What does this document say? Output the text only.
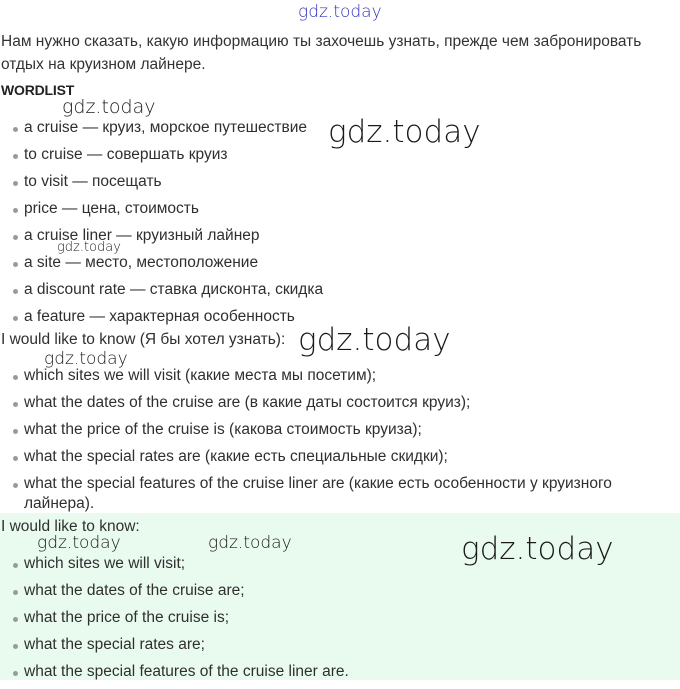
gdz.today
Нам нужно сказать, какую информацию ты захочешь узнать, прежде чем забронировать отдых на круизном лайнере.
WORDLIST
a cruise — круиз, морское путешествие
to cruise — совершать круиз
to visit — посещать
price — цена, стоимость
a cruise liner — круизный лайнер
a site — место, местоположение
a discount rate — ставка дисконта, скидка
a feature — характерная особенность
I would like to know (Я бы хотел узнать):
which sites we will visit (какие места мы посетим);
what the dates of the cruise are (в какие даты состоится круиз);
what the price of the cruise is (какова стоимость круиза);
what the special rates are (какие есть специальные скидки);
what the special features of the cruise liner are (какие есть особенности у круизного лайнера).
I would like to know:
which sites we will visit;
what the dates of the cruise are;
what the price of the cruise is;
what the special rates are;
what the special features of the cruise liner are.
gdz.today
gdz.today
gdz.today
gdz.today
gdz.today
gdz.today	gdz.today	gdz.today
